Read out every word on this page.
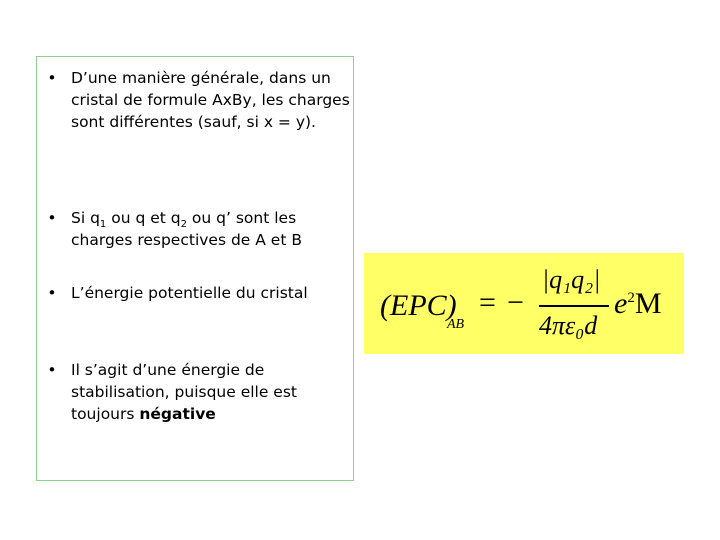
• D’une manière générale, dans un cristal de formule AxBy, les charges sont différentes (sauf, si x = y).
• Si $q_1$ ou q et $q_2$ ou q’ sont les charges respectives de A et B
• L’énergie potentielle du cristal
• Il s’agit d’une énergie de stabilisation, puisque elle est toujours négative
(EPC)
AB
= −
|q₁q₂|
4πε₀d
$e^2M$
